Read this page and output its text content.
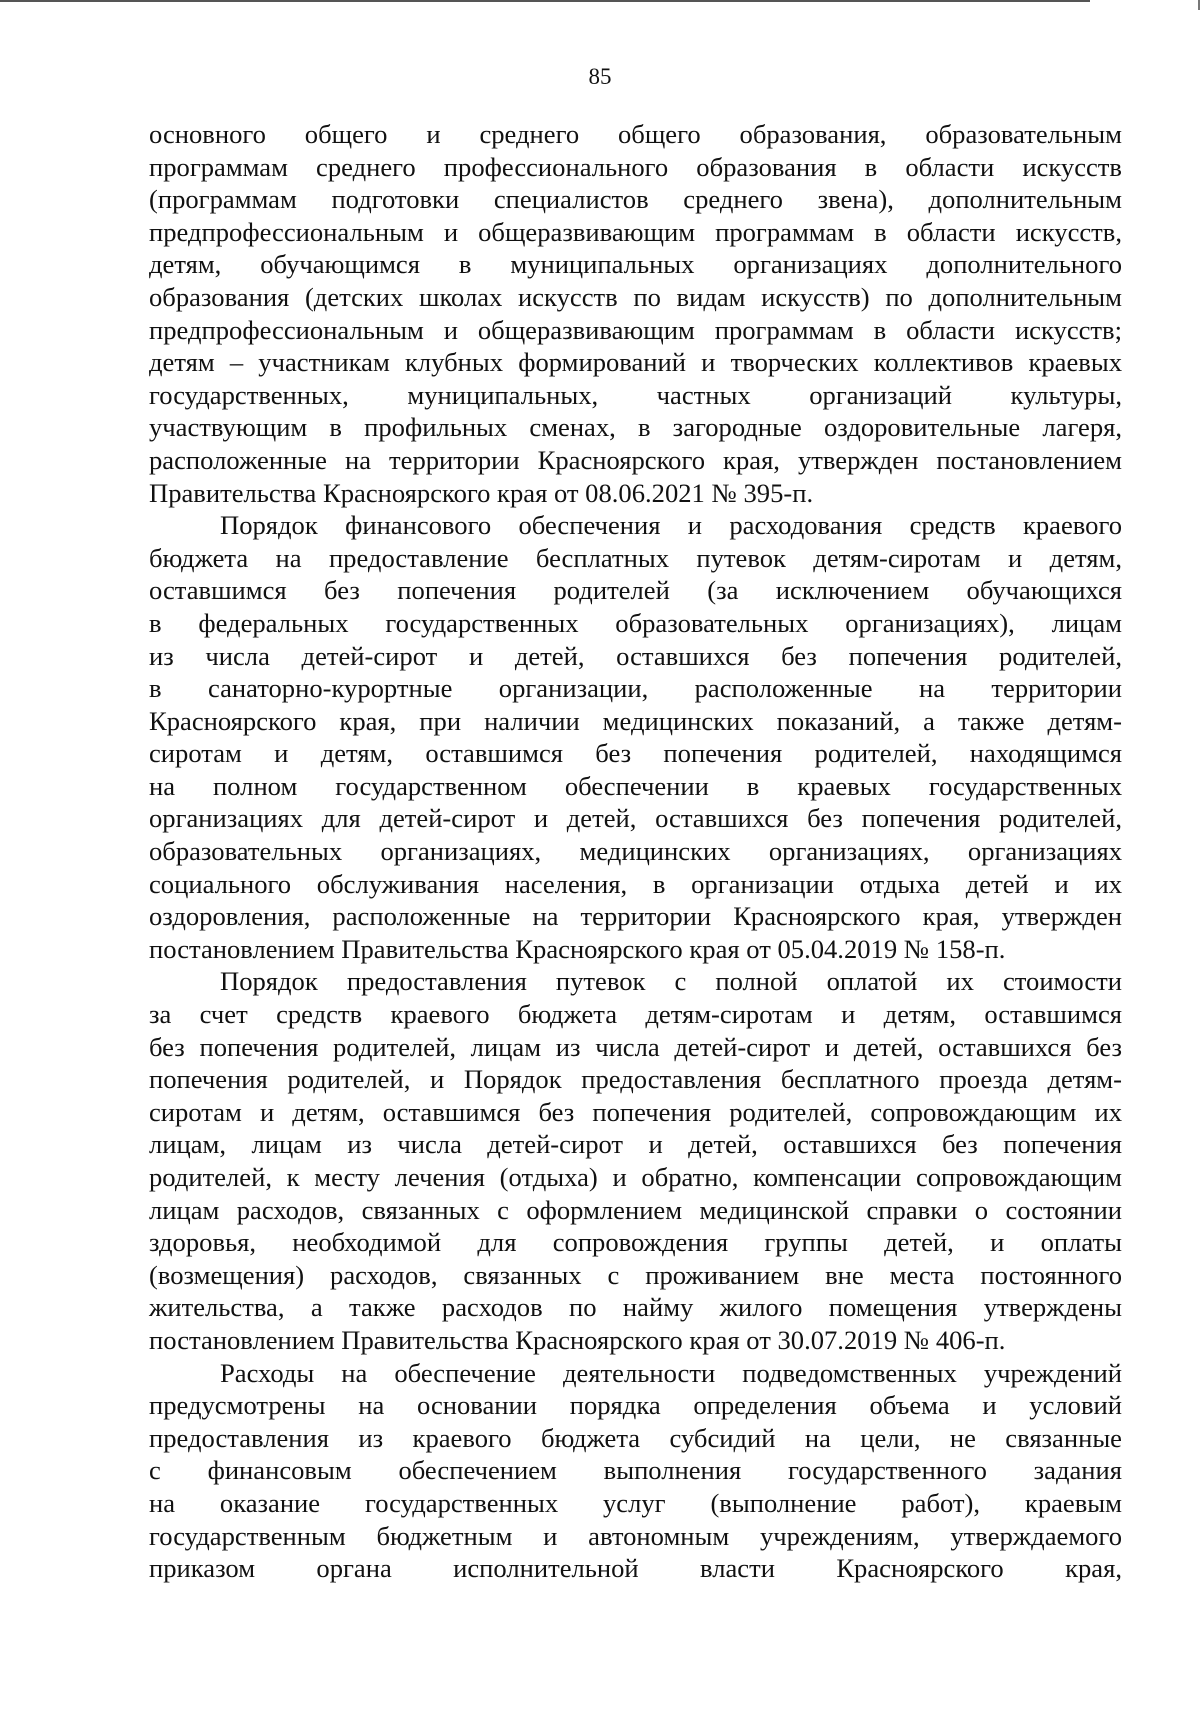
85
основного общего и среднего общего образования, образовательным
программам среднего профессионального образования в области искусств
(программам подготовки специалистов среднего звена), дополнительным
предпрофессиональным и общеразвивающим программам в области искусств,
детям, обучающимся в муниципальных организациях дополнительного
образования (детских школах искусств по видам искусств) по дополнительным
предпрофессиональным и общеразвивающим программам в области искусств;
детям – участникам клубных формирований и творческих коллективов краевых
государственных, муниципальных, частных организаций культуры,
участвующим в профильных сменах, в загородные оздоровительные лагеря,
расположенные на территории Красноярского края, утвержден постановлением
Правительства Красноярского края от 08.06.2021 № 395-п.
Порядок финансового обеспечения и расходования средств краевого
бюджета на предоставление бесплатных путевок детям-сиротам и детям,
оставшимся без попечения родителей (за исключением обучающихся
в федеральных государственных образовательных организациях), лицам
из числа детей-сирот и детей, оставшихся без попечения родителей,
в санаторно-курортные организации, расположенные на территории
Красноярского края, при наличии медицинских показаний, а также детям-
сиротам и детям, оставшимся без попечения родителей, находящимся
на полном государственном обеспечении в краевых государственных
организациях для детей-сирот и детей, оставшихся без попечения родителей,
образовательных организациях, медицинских организациях, организациях
социального обслуживания населения, в организации отдыха детей и их
оздоровления, расположенные на территории Красноярского края, утвержден
постановлением Правительства Красноярского края от 05.04.2019 № 158-п.
Порядок предоставления путевок с полной оплатой их стоимости
за счет средств краевого бюджета детям-сиротам и детям, оставшимся
без попечения родителей, лицам из числа детей-сирот и детей, оставшихся без
попечения родителей, и Порядок предоставления бесплатного проезда детям-
сиротам и детям, оставшимся без попечения родителей, сопровождающим их
лицам, лицам из числа детей-сирот и детей, оставшихся без попечения
родителей, к месту лечения (отдыха) и обратно, компенсации сопровождающим
лицам расходов, связанных с оформлением медицинской справки о состоянии
здоровья, необходимой для сопровождения группы детей, и оплаты
(возмещения) расходов, связанных с проживанием вне места постоянного
жительства, а также расходов по найму жилого помещения утверждены
постановлением Правительства Красноярского края от 30.07.2019 № 406-п.
Расходы на обеспечение деятельности подведомственных учреждений
предусмотрены на основании порядка определения объема и условий
предоставления из краевого бюджета субсидий на цели, не связанные
с финансовым обеспечением выполнения государственного задания
на оказание государственных услуг (выполнение работ), краевым
государственным бюджетным и автономным учреждениям, утверждаемого
приказом органа исполнительной власти Красноярского края,
